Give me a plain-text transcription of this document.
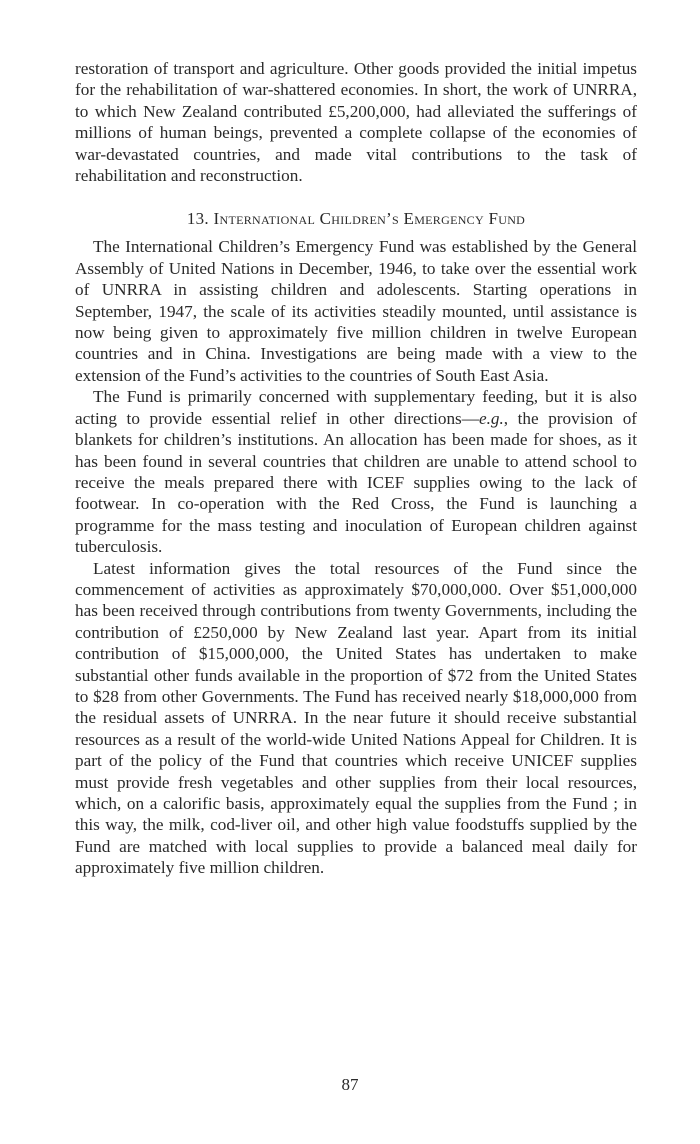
restoration of transport and agriculture. Other goods provided the initial impetus for the rehabilitation of war-shattered economies. In short, the work of UNRRA, to which New Zealand contributed £5,200,000, had alleviated the sufferings of millions of human beings, prevented a complete collapse of the economies of war-devastated countries, and made vital contributions to the task of rehabilitation and reconstruction.

13. International Children’s Emergency Fund

The International Children’s Emergency Fund was established by the General Assembly of United Nations in December, 1946, to take over the essential work of UNRRA in assisting children and adolescents. Starting operations in September, 1947, the scale of its activities steadily mounted, until assistance is now being given to approximately five million children in twelve European countries and in China. Investigations are being made with a view to the extension of the Fund’s activities to the countries of South East Asia.

The Fund is primarily concerned with supplementary feeding, but it is also acting to provide essential relief in other directions—e.g., the provision of blankets for children’s institutions. An allocation has been made for shoes, as it has been found in several countries that children are unable to attend school to receive the meals prepared there with ICEF supplies owing to the lack of footwear. In co-operation with the Red Cross, the Fund is launching a programme for the mass testing and inoculation of European children against tuberculosis.

Latest information gives the total resources of the Fund since the commencement of activities as approximately $70,000,000. Over $51,000,000 has been received through contributions from twenty Governments, including the contribution of £250,000 by New Zealand last year. Apart from its initial contribution of $15,000,000, the United States has undertaken to make substantial other funds available in the proportion of $72 from the United States to $28 from other Governments. The Fund has received nearly $18,000,000 from the residual assets of UNRRA. In the near future it should receive substantial resources as a result of the world-wide United Nations Appeal for Children. It is part of the policy of the Fund that countries which receive UNICEF supplies must provide fresh vegetables and other supplies from their local resources, which, on a calorific basis, approximately equal the supplies from the Fund ; in this way, the milk, cod-liver oil, and other high value foodstuffs supplied by the Fund are matched with local supplies to provide a balanced meal daily for approximately five million children.

87
